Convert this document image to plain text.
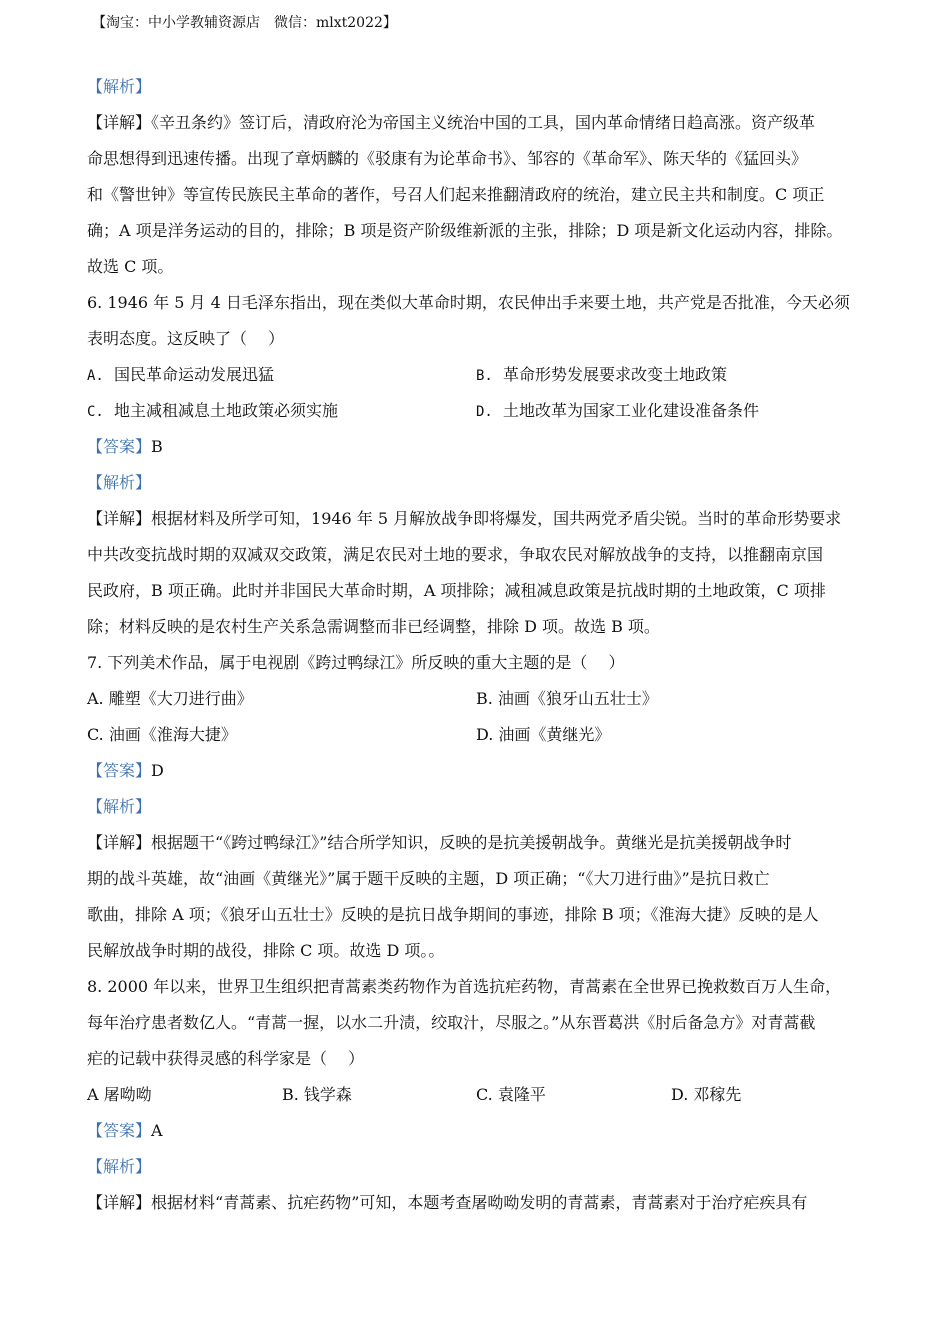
【淘宝：中小学教辅资源店　微信：mlxt2022】
【解析】
【详解】《辛丑条约》签订后，清政府沦为帝国主义统治中国的工具，国内革命情绪日趋高涨。资产级革
命思想得到迅速传播。出现了章炳麟的《驳康有为论革命书》、邹容的《革命军》、陈天华的《猛回头》
和《警世钟》等宣传民族民主革命的著作，号召人们起来推翻清政府的统治，建立民主共和制度。C 项正
确；A 项是洋务运动的目的，排除；B 项是资产阶级维新派的主张，排除；D 项是新文化运动内容，排除。
故选 C 项。
6. 1946 年 5 月 4 日毛泽东指出，现在类似大革命时期，农民伸出手来要土地，共产党是否批准，今天必须
表明态度。这反映了（　 ）
A. 国民革命运动发展迅猛	B. 革命形势发展要求改变土地政策
C. 地主减租减息土地政策必须实施	D. 土地改革为国家工业化建设准备条件
【答案】B
【解析】
【详解】根据材料及所学可知，1946 年 5 月解放战争即将爆发，国共两党矛盾尖锐。当时的革命形势要求
中共改变抗战时期的双减双交政策，满足农民对土地的要求，争取农民对解放战争的支持，以推翻南京国
民政府，B 项正确。此时并非国民大革命时期，A 项排除；减租减息政策是抗战时期的土地政策，C 项排
除；材料反映的是农村生产关系急需调整而非已经调整，排除 D 项。故选 B 项。
7. 下列美术作品，属于电视剧《跨过鸭绿江》所反映的重大主题的是（　 ）
A. 雕塑《大刀进行曲》	B. 油画《狼牙山五壮士》
C. 油画《淮海大捷》	D. 油画《黄继光》
【答案】D
【解析】
【详解】根据题干“《跨过鸭绿江》”结合所学知识，反映的是抗美援朝战争。黄继光是抗美援朝战争时
期的战斗英雄，故“油画《黄继光》”属于题干反映的主题，D 项正确；“《大刀进行曲》”是抗日救亡
歌曲，排除 A 项；《狼牙山五壮士》反映的是抗日战争期间的事迹，排除 B 项；《淮海大捷》反映的是人
民解放战争时期的战役，排除 C 项。故选 D 项。。
8. 2000 年以来，世界卫生组织把青蒿素类药物作为首选抗疟药物，青蒿素在全世界已挽救数百万人生命，
每年治疗患者数亿人。“青蒿一握，以水二升渍，绞取汁，尽服之。”从东晋葛洪《肘后备急方》对青蒿截
疟的记载中获得灵感的科学家是（　 ）
A 屠呦呦	B. 钱学森	C. 袁隆平	D. 邓稼先
【答案】A
【解析】
【详解】根据材料“青蒿素、抗疟药物”可知，本题考查屠呦呦发明的青蒿素，青蒿素对于治疗疟疾具有
